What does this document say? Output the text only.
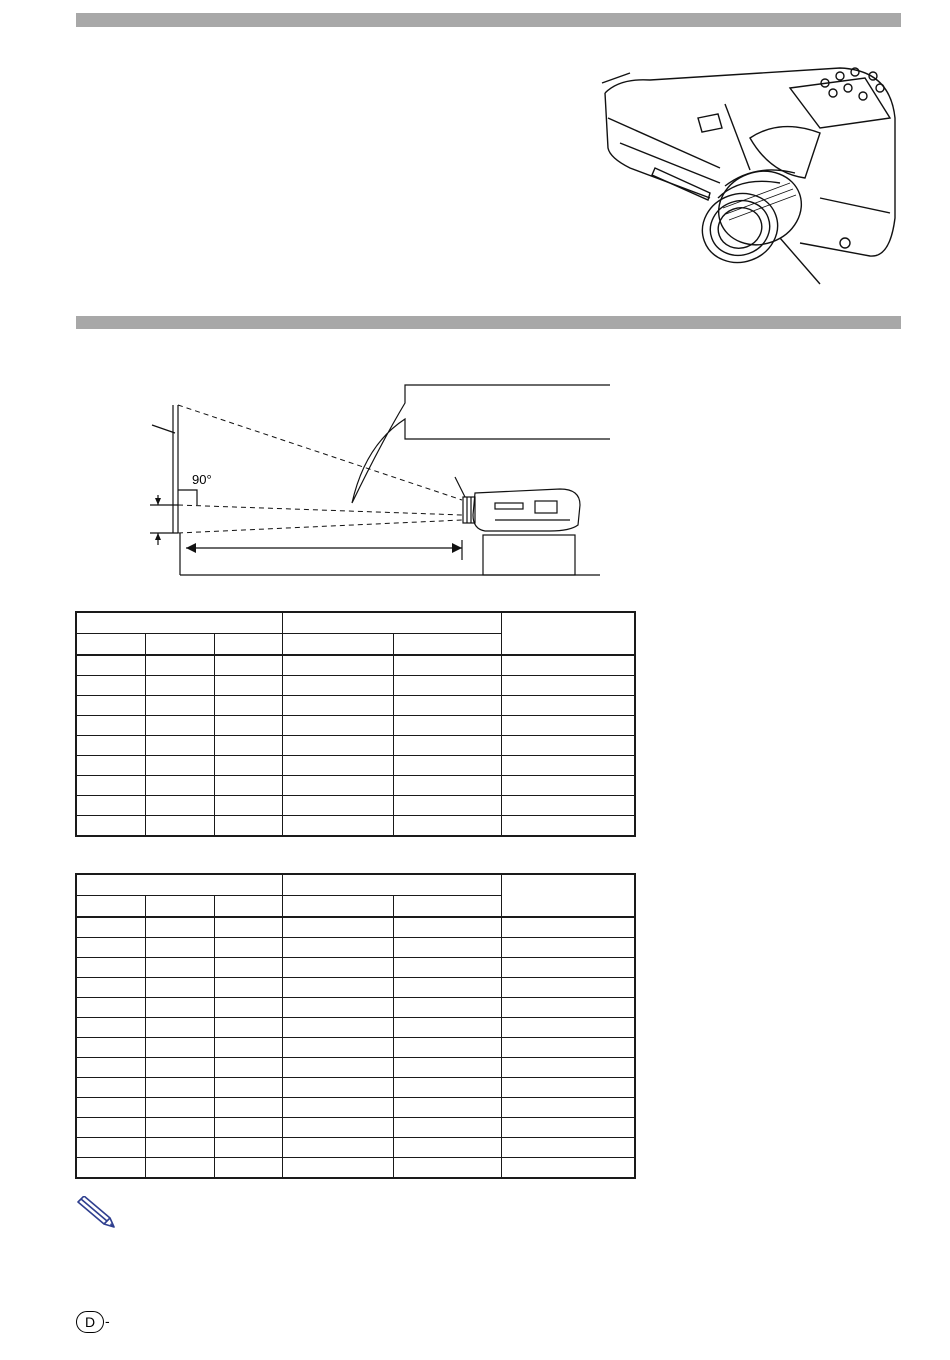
90°

D -
